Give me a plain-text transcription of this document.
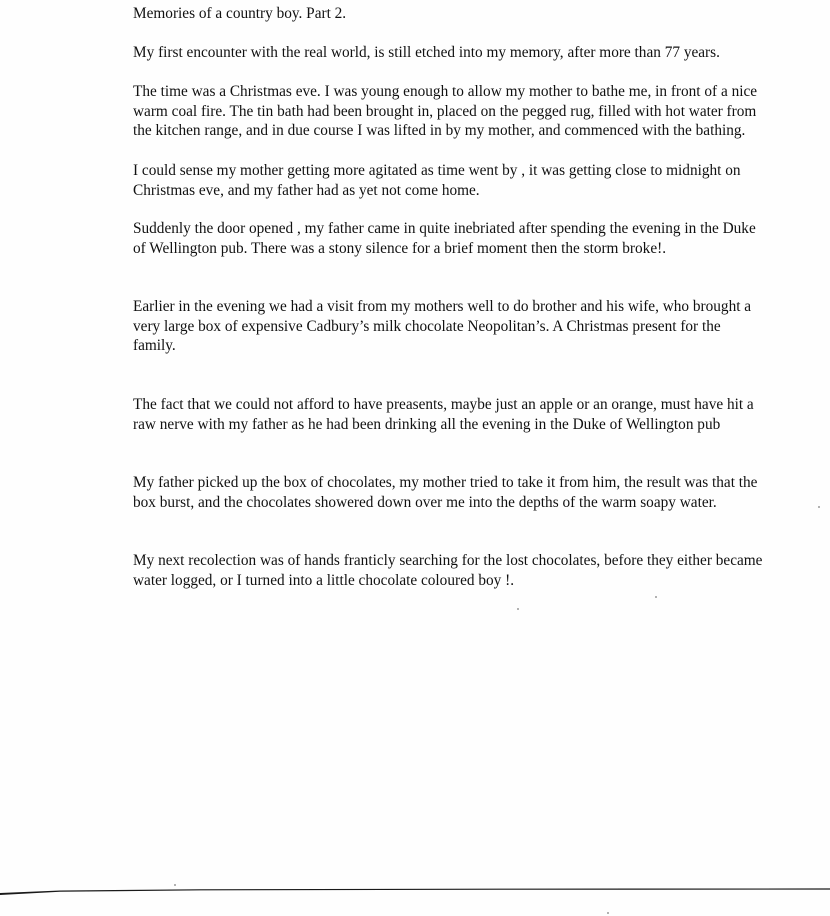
Memories of a country boy. Part 2.

My first encounter with the real world, is still etched into my memory, after more than 77 years.

The time was a Christmas eve. I was young enough to allow my mother to bathe me, in front of a nice
warm coal fire. The tin bath had been brought in, placed on the pegged rug, filled with hot water from
the kitchen range, and in due course I was lifted in by my mother, and commenced with the bathing.

I could sense my mother getting more agitated as time went by , it was getting close to midnight on
Christmas eve, and my father had as yet not come home.

Suddenly the door opened , my father came in quite inebriated after spending the evening in the Duke
of Wellington pub. There was a stony silence for a brief moment then the storm broke!.

Earlier in the evening we had a visit from my mothers well to do brother and his wife, who brought a
very large box of expensive Cadbury’s milk chocolate Neopolitan’s. A Christmas present for the
family.

The fact that we could not afford to have preasents, maybe just an apple or an orange, must have hit a
raw nerve with my father as he had been drinking all the evening in the Duke of Wellington pub

My father picked up the box of chocolates, my mother tried to take it from him, the result was that the
box burst, and the chocolates showered down over me into the depths of the warm soapy water.

My next recolection was of hands franticly searching for the lost chocolates, before they either became
water logged, or I turned into a little chocolate coloured boy !.
